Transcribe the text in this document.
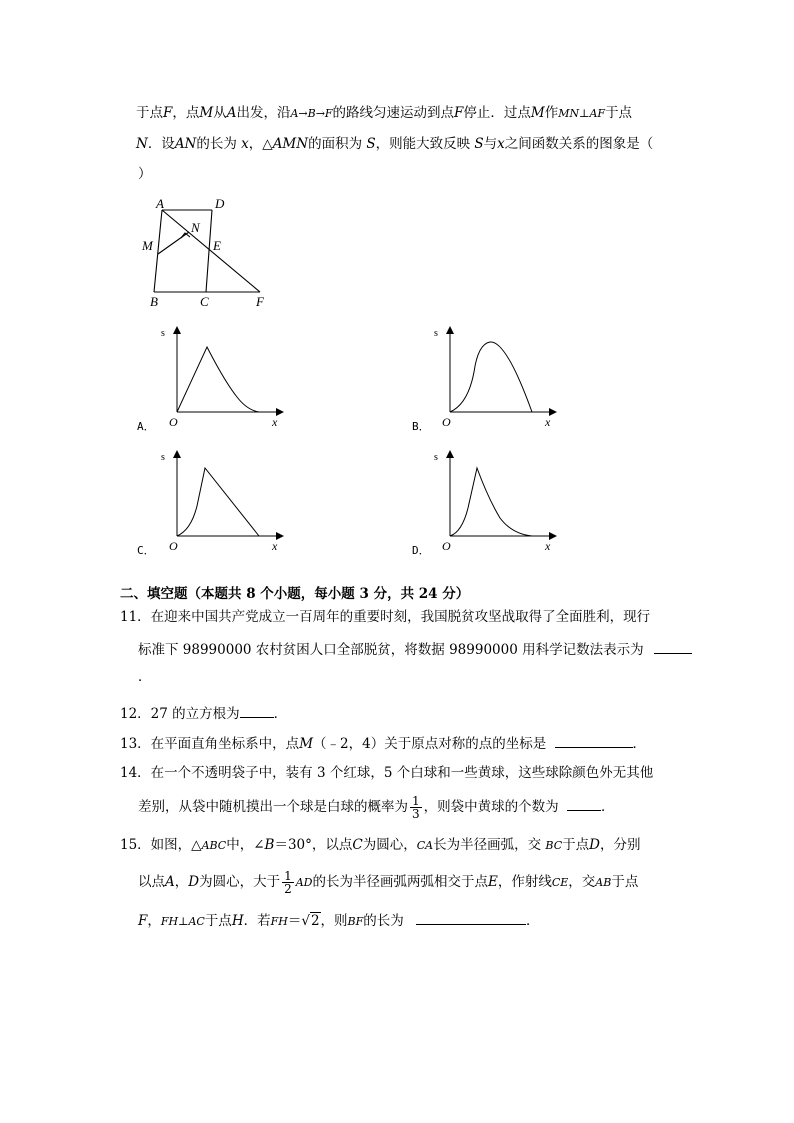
于点F，点M从A出发，沿A→B→F的路线匀速运动到点F停止．过点M作MN⊥AF于点
N．设AN的长为 x，△AMN的面积为 S，则能大致反映 S与x之间函数关系的图象是（
）
A	D
N
E
M
B	C	F
A．
s
O	x	B．
s
O	x
C．
s
O	x	D．
s
O	x
二、填空题（本题共 8 个小题，每小题 3 分，共 24 分）
11．在迎来中国共产党成立一百周年的重要时刻，我国脱贫攻坚战取得了全面胜利，现行
标准下 98990000 农村贫困人口全部脱贫，将数据 98990000 用科学记数法表示为
．
12．27 的立方根为	．
13．在平面直角坐标系中，点M（﹣2，4）关于原点对称的点的坐标是	．
14．在一个不透明袋子中，装有 3 个红球，5 个白球和一些黄球，这些球除颜色外无其他
差别，从袋中随机摸出一个球是白球的概率为 $\frac{1}{3}$ ，则袋中黄球的个数为	．
15．如图，△ABC中，∠B＝30°，以点C为圆心，CA长为半径画弧，交 BC于点D，分别
以点A，D为圆心，大于 $\frac{1}{2}$ AD的长为半径画弧两弧相交于点E，作射线CE，交AB于点
F，FH⊥AC于点H．若FH＝√2，则BF的长为	．
